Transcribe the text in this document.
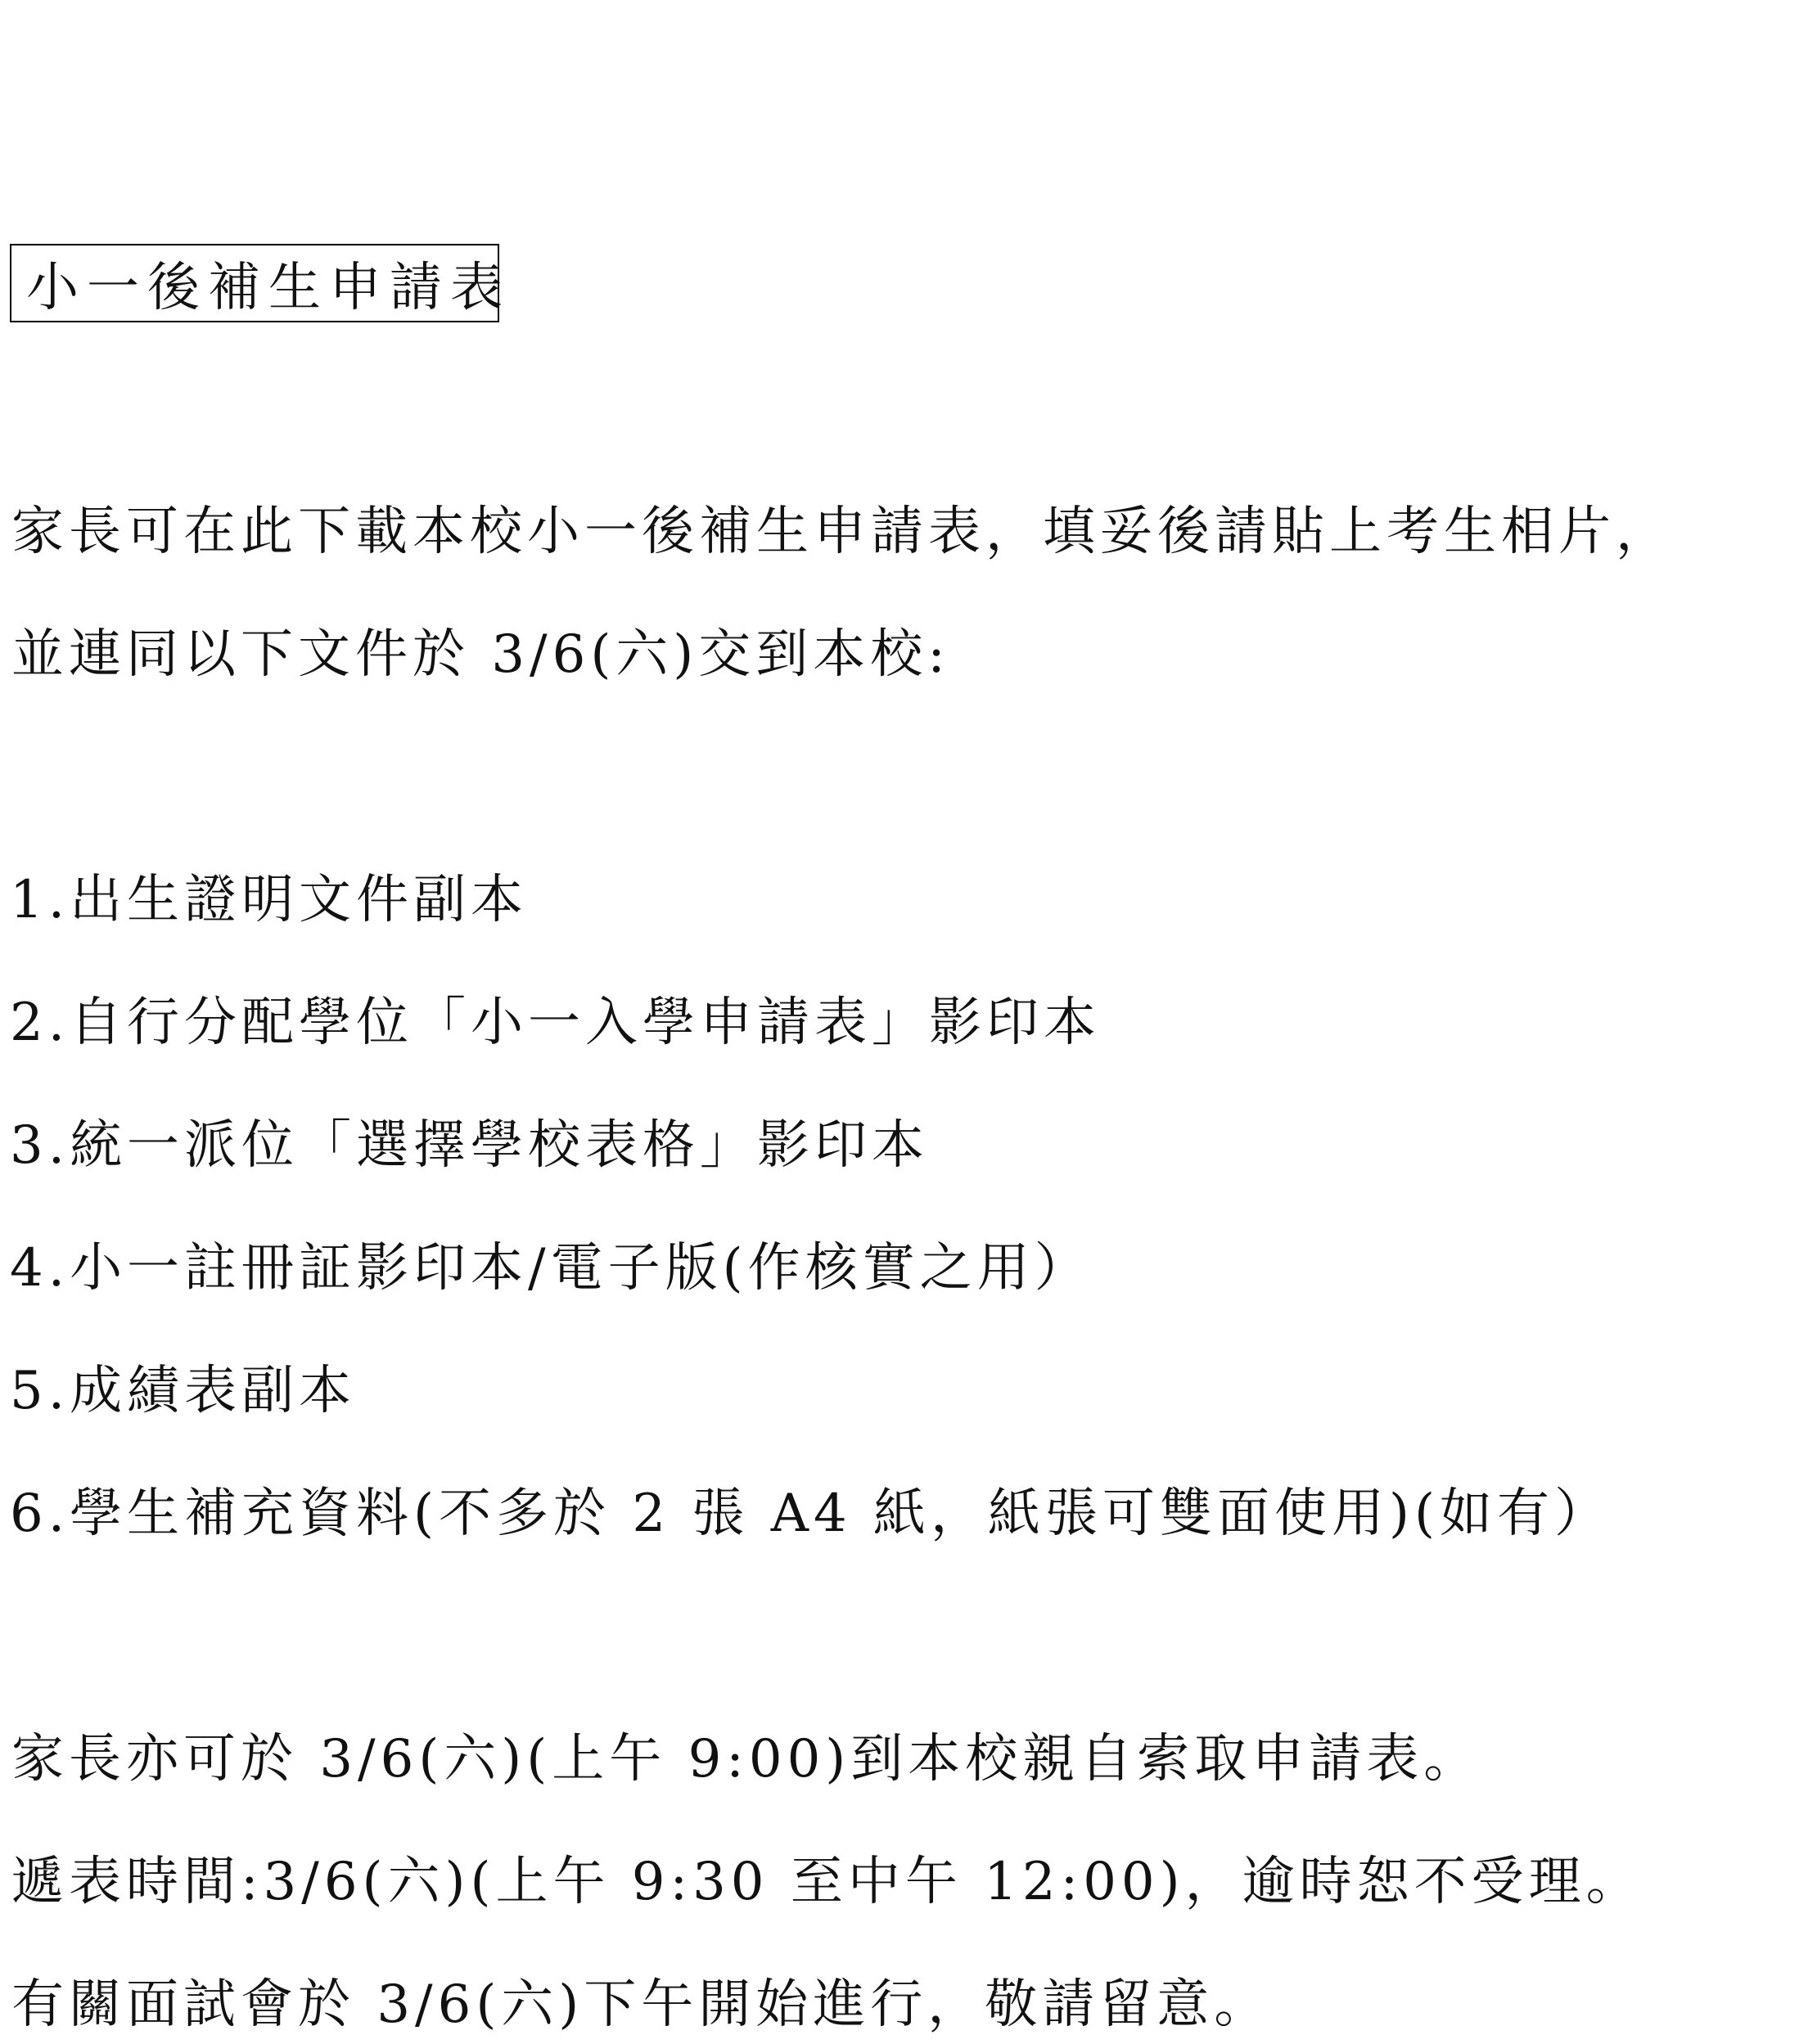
小一後補生申請表
家長可在此下載本校小一後補生申請表，填妥後請貼上考生相片，
並連同以下文件於 3/6(六)交到本校:
1.出生證明文件副本
2.自行分配學位「小一入學申請表」影印本
3.統一派位「選擇學校表格」影印本
4.小一註冊証影印本/電子版(作核實之用）
5.成績表副本
6.學生補充資料(不多於 2 張 A4 紙，紙張可雙面使用)(如有）
家長亦可於 3/6(六)(上午 9:00)到本校親自索取申請表。
遞表時間:3/6(六)(上午 9:30 至中午 12:00)，逾時恕不受理。
有關面試會於 3/6(六)下午開始進行，敬請留意。
